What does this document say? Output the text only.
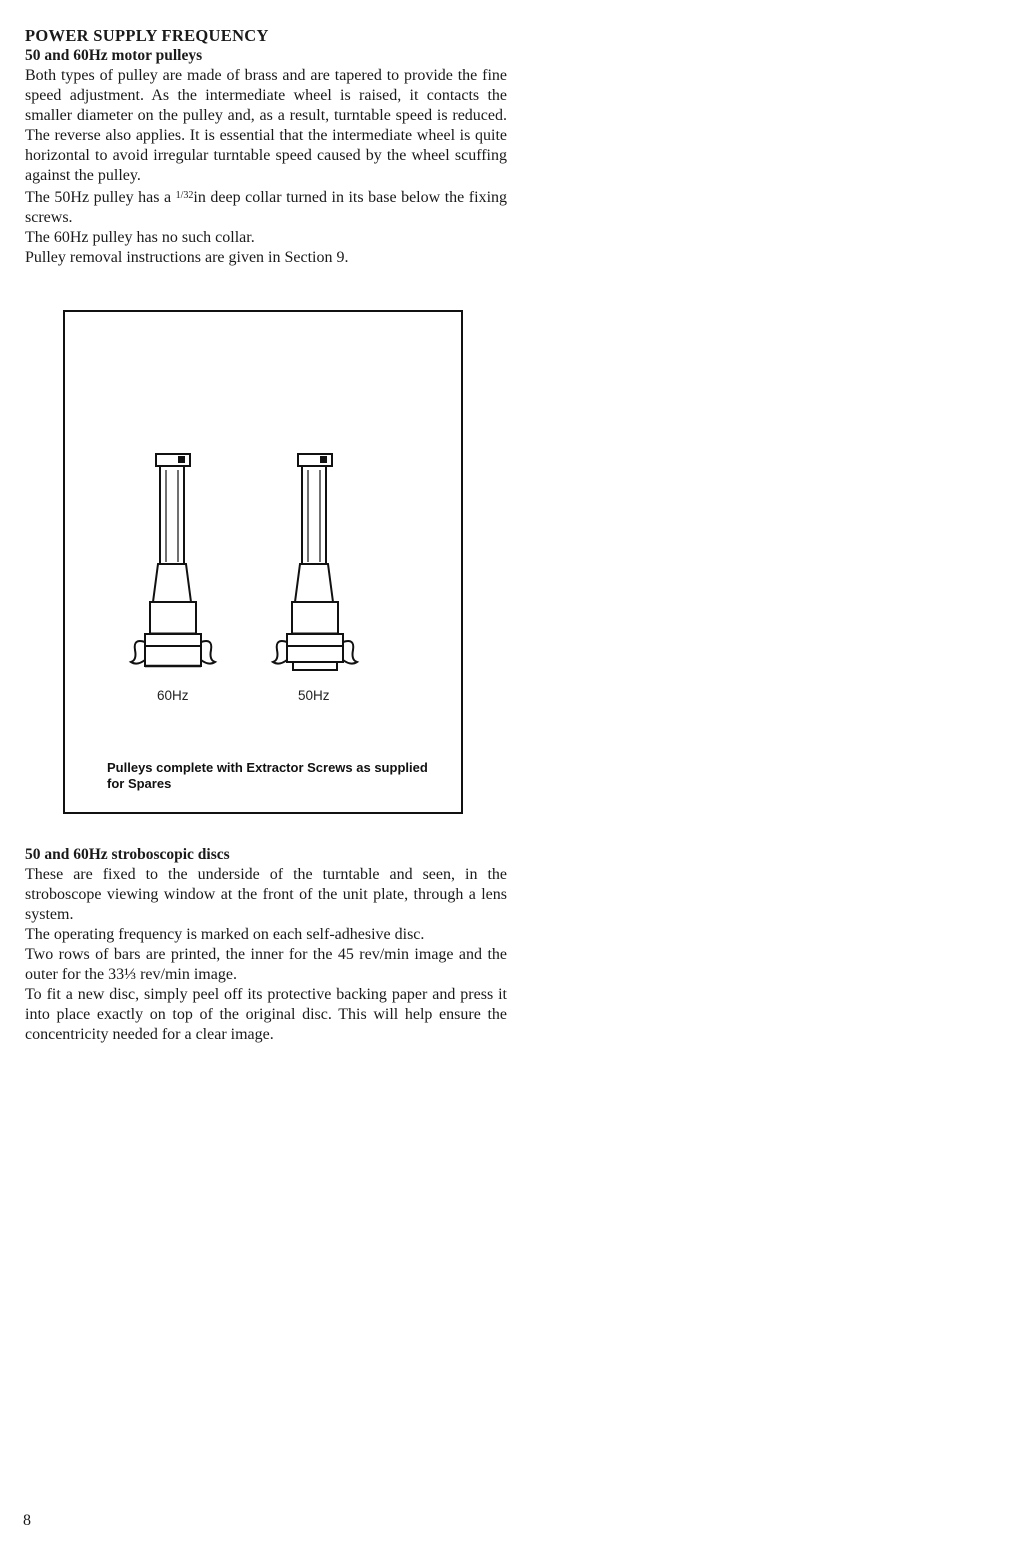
POWER SUPPLY FREQUENCY

50 and 60Hz motor pulleys

Both types of pulley are made of brass and are tapered to provide the fine speed adjustment. As the intermediate wheel is raised, it contacts the smaller diameter on the pulley and, as a result, turntable speed is reduced. The reverse also applies. It is essential that the intermediate wheel is quite horizontal to avoid irregular turntable speed caused by the wheel scuffing against the pulley.

The 50Hz pulley has a $^{1/32}$in deep collar turned in its base below the fixing screws.

The 60Hz pulley has no such collar.

Pulley removal instructions are given in Section 9.

60Hz	50Hz
Pulleys complete with Extractor Screws as supplied for Spares

50 and 60Hz stroboscopic discs

These are fixed to the underside of the turntable and seen, in the stroboscope viewing window at the front of the unit plate, through a lens system.

The operating frequency is marked on each self-adhesive disc.

Two rows of bars are printed, the inner for the 45 rev/min image and the outer for the 33⅓ rev/min image.

To fit a new disc, simply peel off its protective backing paper and press it into place exactly on top of the original disc. This will help ensure the concentricity needed for a clear image.

8
